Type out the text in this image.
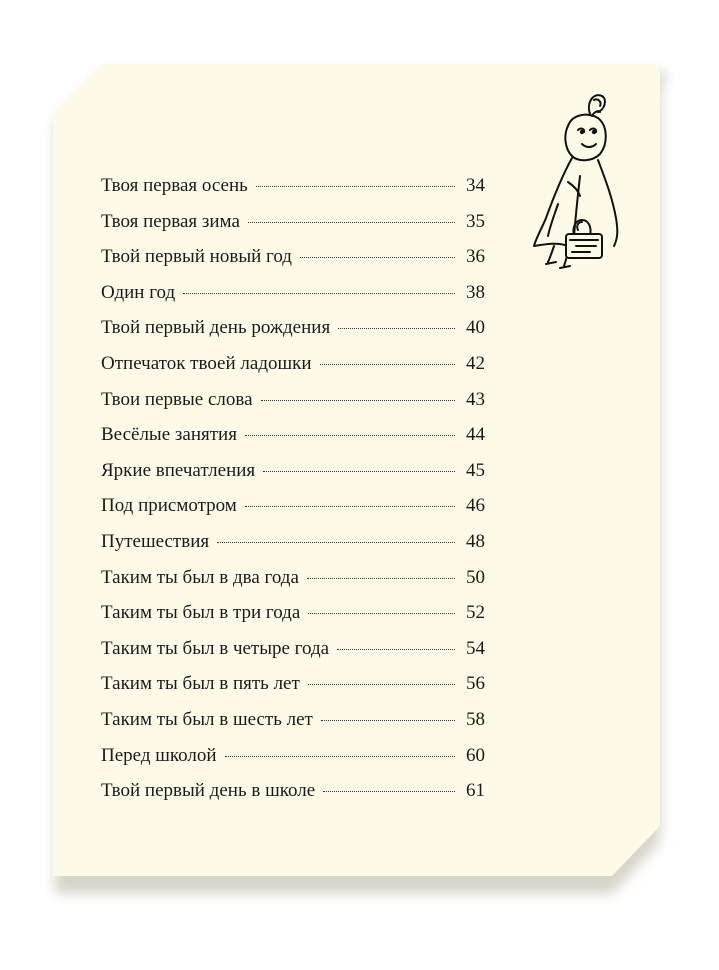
Твоя первая осень	34
Твоя первая зима	35
Твой первый новый год	36
Один год	38
Твой первый день рождения	40
Отпечаток твоей ладошки	42
Твои первые слова	43
Весёлые занятия	44
Яркие впечатления	45
Под присмотром	46
Путешествия	48
Таким ты был в два года	50
Таким ты был в три года	52
Таким ты был в четыре года	54
Таким ты был в пять лет	56
Таким ты был в шесть лет	58
Перед школой	60
Твой первый день в школе	61
